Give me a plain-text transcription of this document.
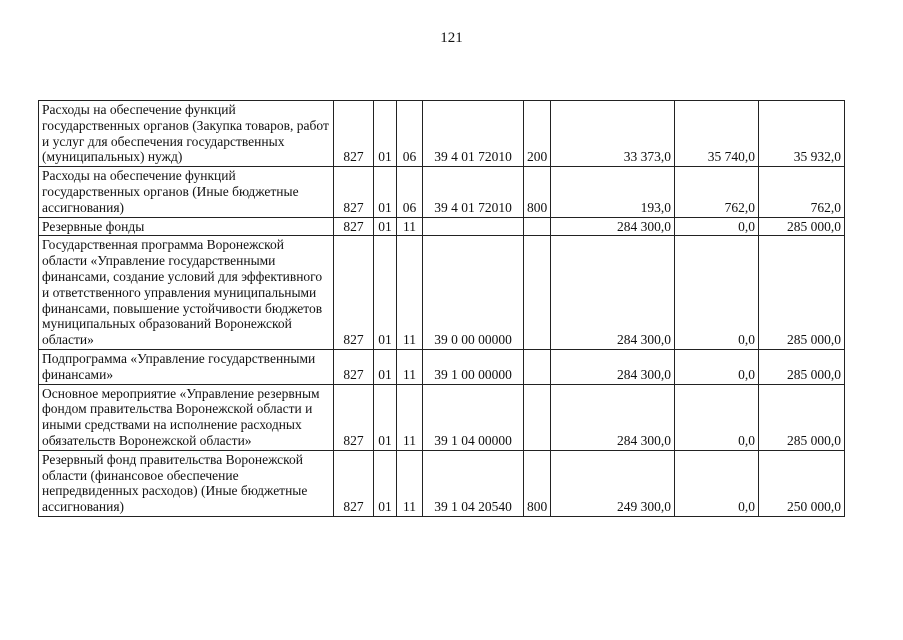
121
Расходы на обеспечение функций государственных органов (Закупка товаров, работ и услуг для обеспечения государственных (муниципальных) нужд)	827	01	06	39 4 01 72010	200	33 373,0	35 740,0	35 932,0
Расходы на обеспечение функций государственных органов (Иные бюджетные ассигнования)	827	01	06	39 4 01 72010	800	193,0	762,0	762,0
Резервные фонды	827	01	11			284 300,0	0,0	285 000,0
Государственная программа Воронежской области «Управление государственными финансами, создание условий для эффективного и ответственного управления муниципальными финансами, повышение устойчивости бюджетов муниципальных образований Воронежской области»	827	01	11	39 0 00 00000		284 300,0	0,0	285 000,0
Подпрограмма «Управление государственными финансами»	827	01	11	39 1 00 00000		284 300,0	0,0	285 000,0
Основное мероприятие «Управление резервным фондом правительства Воронежской области и иными средствами на исполнение расходных обязательств Воронежской области»	827	01	11	39 1 04 00000		284 300,0	0,0	285 000,0
Резервный фонд правительства Воронежской области (финансовое обеспечение непредвиденных расходов) (Иные бюджетные ассигнования)	827	01	11	39 1 04 20540	800	249 300,0	0,0	250 000,0
